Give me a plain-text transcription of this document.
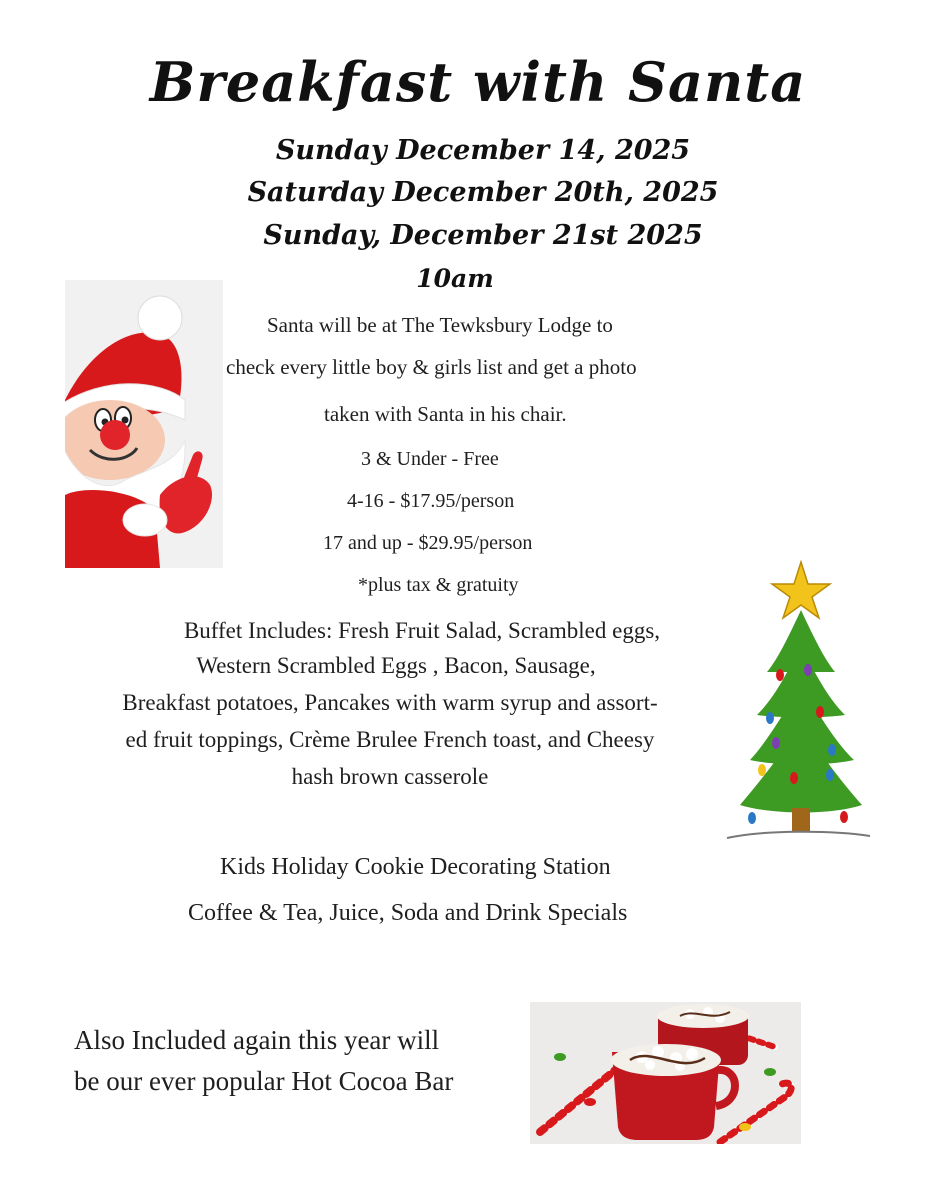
Breakfast with Santa
Sunday December 14, 2025
Saturday December 20th, 2025
Sunday, December 21st 2025
10am
Santa will be at The Tewksbury Lodge to
check every little boy & girls list and get a photo
taken with Santa in his chair.
3 & Under - Free
4-16 - $17.95/person
17 and up - $29.95/person
*plus tax & gratuity
Buffet Includes: Fresh Fruit Salad, Scrambled eggs,
Western Scrambled Eggs , Bacon, Sausage,
Breakfast potatoes, Pancakes with warm syrup and assort-
ed fruit toppings, Crème Brulee French toast, and Cheesy
hash brown casserole
Kids Holiday Cookie Decorating Station
Coffee & Tea, Juice, Soda and Drink Specials
Also Included again this year will
be our ever popular Hot Cocoa Bar
